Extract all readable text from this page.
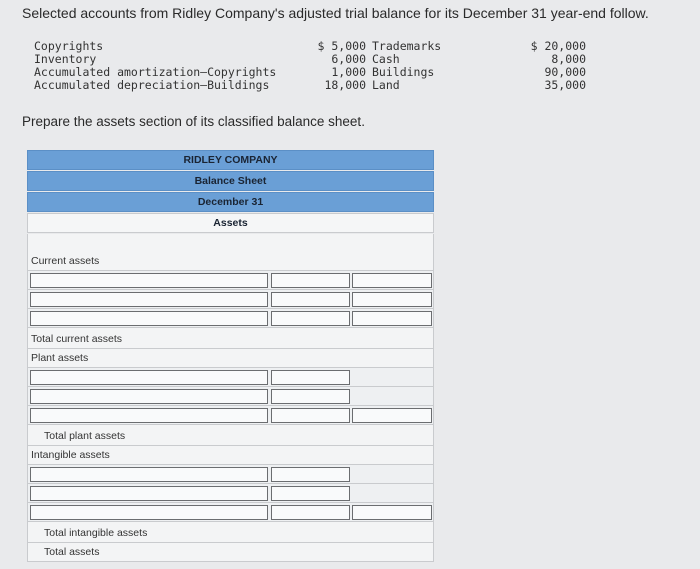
Selected accounts from Ridley Company's adjusted trial balance for its December 31 year-end follow.
Copyrights	$ 5,000 Trademarks	$ 20,000
Inventory	6,000 Cash	8,000
Accumulated amortization—Copyrights	1,000 Buildings	90,000
Accumulated depreciation—Buildings	18,000 Land	35,000
Prepare the assets section of its classified balance sheet.
RIDLEY COMPANY
Balance Sheet
December 31
Assets
Current assets
Total current assets
Plant assets
Total plant assets
Intangible assets
Total intangible assets
Total assets
